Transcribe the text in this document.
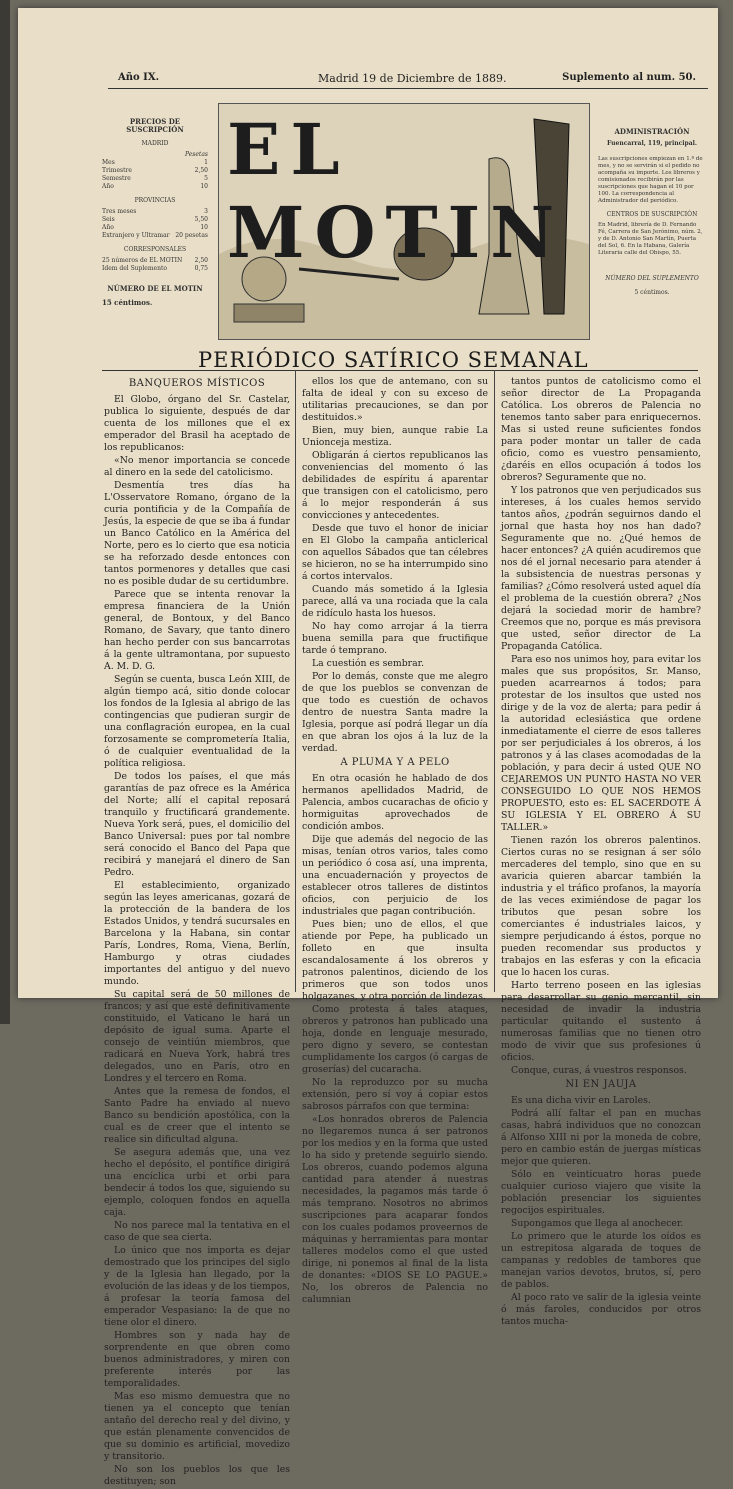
Año IX.	Madrid 19 de Diciembre de 1889.	Suplemento al num. 50.
PRECIOS DE SUSCRIPCIÓN
MADRID
Pesetas
Mes	1
Trimestre	2,50
Semestre	5
Año	10
PROVINCIAS
Tres meses	3
Seis	5,50
Año	10
Extranjero y Ultramar 20 pesetas
CORRESPONSALES
25 números de EL MOTIN 2,50
Idem del Suplemento	0,75
NÚMERO DE EL MOTIN
15 céntimos.
EL MOTIN
ADMINISTRACIÓN
Fuencarral, 119, principal.
Las suscripciones empiezan en 1.º de mes, y no se servirán si el pedido no acompaña su importe. Los libreros y comisionados recibirán por las suscripciones que hagan el 10 por 100. La correspondencia al Administrador del periódico.
CENTROS DE SUSCRIPCIÓN
En Madrid, librería de D. Fernando Fé, Carrera de San Jerónimo, núm. 2, y de D. Antonio San Martín, Puerta del Sol, 6. En la Habana, Galería Literaria calle del Obispo, 55.
NÚMERO DEL SUPLEMENTO
5 céntimos.
PERIÓDICO SATÍRICO SEMANAL
BANQUEROS MÍSTICOS

El Globo, órgano del Sr. Castelar, publica lo siguiente, después de dar cuenta de los millones que el ex emperador del Brasil ha aceptado de los republicanos:

«No menor importancia se concede al dinero en la sede del catolicismo.

Desmentía tres días ha L'Osservatore Romano, órgano de la curia pontificia y de la Compañía de Jesús, la especie de que se iba á fundar un Banco Católico en la América del Norte, pero es lo cierto que esa noticia se ha reforzado desde entonces con tantos pormenores y detalles que casi no es posible dudar de su certidumbre.

Parece que se intenta renovar la empresa financiera de la Unión general, de Bontoux, y del Banco Romano, de Savary, que tanto dinero han hecho perder con sus bancarrotas á la gente ultramontana, por supuesto A. M. D. G.

Según se cuenta, busca León XIII, de algún tiempo acá, sitio donde colocar los fondos de la Iglesia al abrigo de las contingencias que pudieran surgir de una conflagración europea, en la cual forzosamente se comprometería Italia, ó de cualquier eventualidad de la política religiosa.

De todos los países, el que más garantías de paz ofrece es la América del Norte; allí el capital reposará tranquilo y fructificará grandemente. Nueva York será, pues, el domicilio del Banco Universal: pues por tal nombre será conocido el Banco del Papa que recibirá y manejará el dinero de San Pedro.

El establecimiento, organizado según las leyes americanas, gozará de la protección de la bandera de los Estados Unidos, y tendrá sucursales en Barcelona y la Habana, sin contar París, Londres, Roma, Viena, Berlín, Hamburgo y otras ciudades importantes del antiguo y del nuevo mundo.

Su capital será de 50 millones de francos; y así que esté definitivamente constituido, el Vaticano le hará un depósito de igual suma. Aparte el consejo de veintiún miembros, que radicará en Nueva York, habrá tres delegados, uno en París, otro en Londres y el tercero en Roma.

Antes que la remesa de fondos, el Santo Padre ha enviado al nuevo Banco su bendición apostólica, con la cual es de creer que el intento se realice sin dificultad alguna.

Se asegura además que, una vez hecho el depósito, el pontífice dirigirá una encíclica urbi et orbi para bendecir á todos los que, siguiendo su ejemplo, coloquen fondos en aquella caja.

No nos parece mal la tentativa en el caso de que sea cierta.

Lo único que nos importa es dejar demostrado que los principes del siglo y de la Iglesia han llegado, por la evolución de las ideas y de los tiempos, á profesar la teoría famosa del emperador Vespasiano: la de que no tiene olor el dinero.

Hombres son y nada hay de sorprendente en que obren como buenos administradores, y miren con preferente interés por las temporalidades.

Mas eso mismo demuestra que no tienen ya el concepto que tenían antaño del derecho real y del divino, y que están plenamente convencidos de que su dominio es artificial, movedizo y transitorio.

No son los pueblos los que les destituyen; son

ellos los que de antemano, con su falta de ideal y con su exceso de utilitarias precauciones, se dan por destituidos.»

Bien, muy bien, aunque rabie La Unionceja mestiza.

Obligarán á ciertos republicanos las conveniencias del momento ó las debilidades de espíritu á aparentar que transigen con el catolicismo, pero á lo mejor responderán á sus convicciones y antecedentes.

Desde que tuvo el honor de iniciar en El Globo la campaña anticlerical con aquellos Sábados que tan célebres se hicieron, no se ha interrumpido sino á cortos intervalos.

Cuando más sometido á la Iglesia parece, allá va una rociada que la cala de ridículo hasta los huesos.

No hay como arrojar á la tierra buena semilla para que fructifique tarde ó temprano.

La cuestión es sembrar.

Por lo demás, conste que me alegro de que los pueblos se convenzan de que todo es cuestión de ochavos dentro de nuestra Santa madre la Iglesia, porque así podrá llegar un día en que abran los ojos á la luz de la verdad.

A PLUMA Y A PELO

En otra ocasión he hablado de dos hermanos apellidados Madrid, de Palencia, ambos cucarachas de oficio y hormiguitas aprovechados de condición ambos.

Dije que además del negocio de las misas, tenían otros varios, tales como un periódico ó cosa así, una imprenta, una encuadernación y proyectos de establecer otros talleres de distintos oficios, con perjuicio de los industriales que pagan contribución.

Pues bien; uno de ellos, el que atiende por Pepe, ha publicado un folleto en que insulta escandalosamente á los obreros y patronos palentinos, diciendo de los primeros que son todos unos holgazanes, y otra porción de lindezas.

Como protesta á tales ataques, obreros y patronos han publicado una hoja, donde en lenguaje mesurado, pero digno y severo, se contestan cumplidamente los cargos (ó cargas de groserías) del cucaracha.

No la reproduzco por su mucha extensión, pero sí voy á copiar estos sabrosos párrafos con que termina:

«Los honrados obreros de Palencia no llegaremos nunca á ser patronos por los medios y en la forma que usted lo ha sido y pretende seguirlo siendo. Los obreros, cuando podemos alguna cantidad para atender á nuestras necesidades, la pagamos más tarde ó más temprano. Nosotros no abrimos suscripciones para acaparar fondos con los cuales podamos proveernos de máquinas y herramientas para montar talleres modelos como el que usted dirige, ni ponemos al final de la lista de donantes: «DIOS SE LO PAGUE.» No, los obreros de Palencia no calumnian

tantos puntos de catolicismo como el señor director de La Propaganda Católica. Los obreros de Palencia no tenemos tanto saber para enriquecernos. Mas si usted reune suficientes fondos para poder montar un taller de cada oficio, como es vuestro pensamiento, ¿daréis en ellos ocupación á todos los obreros? Seguramente que no.

Y los patronos que ven perjudicados sus intereses, á los cuales hemos servido tantos años, ¿podrán seguirnos dando el jornal que hasta hoy nos han dado? Seguramente que no. ¿Qué hemos de hacer entonces? ¿A quién acudiremos que nos dé el jornal necesario para atender á la subsistencia de nuestras personas y familias? ¿Cómo resolverá usted aquel día el problema de la cuestión obrera? ¿Nos dejará la sociedad morir de hambre? Creemos que no, porque es más previsora que usted, señor director de La Propaganda Católica.

Para eso nos unimos hoy, para evitar los males que sus propósitos, Sr. Manso, pueden acarrearnos á todos; para protestar de los insultos que usted nos dirige y de la voz de alerta; para pedir á la autoridad eclesiástica que ordene inmediatamente el cierre de esos talleres por ser perjudiciales á los obreros, á los patronos y á las clases acomodadas de la población, y para decir á usted QUE NO CEJAREMOS UN PUNTO HASTA NO VER CONSEGUIDO LO QUE NOS HEMOS PROPUESTO, esto es: EL SACERDOTE Á SU IGLESIA Y EL OBRERO Á SU TALLER.»

Tienen razón los obreros palentinos. Ciertos curas no se resignan á ser sólo mercaderes del templo, sino que en su avaricia quieren abarcar también la industria y el tráfico profanos, la mayoría de las veces eximiéndose de pagar los tributos que pesan sobre los comerciantes é industriales laicos, y siempre perjudicando á éstos, porque no pueden recomendar sus productos y trabajos en las esferas y con la eficacia que lo hacen los curas.

Harto terreno poseen en las iglesias para desarrollar su genio mercantil, sin necesidad de invadir la industria particular quitando el sustento á numerosas familias que no tienen otro modo de vivir que sus profesiones ú oficios.

Conque, curas, á vuestros responsos.

NI EN JAUJA

Es una dicha vivir en Laroles.

Podrá allí faltar el pan en muchas casas, habrá individuos que no conozcan á Alfonso XIII ni por la moneda de cobre, pero en cambio están de juergas místicas mejor que quieren.

Sólo en veinticuatro horas puede cualquier curioso viajero que visite la población presenciar los siguientes regocijos espirituales.

Supongamos que llega al anochecer.

Lo primero que le aturde los oídos es un estrepitosa algarada de toques de campanas y redobles de tambores que manejan varios devotos, brutos, sí, pero de pablos.

Al poco rato ve salir de la iglesia veinte ó más faroles, conducidos por otros tantos mucha-
